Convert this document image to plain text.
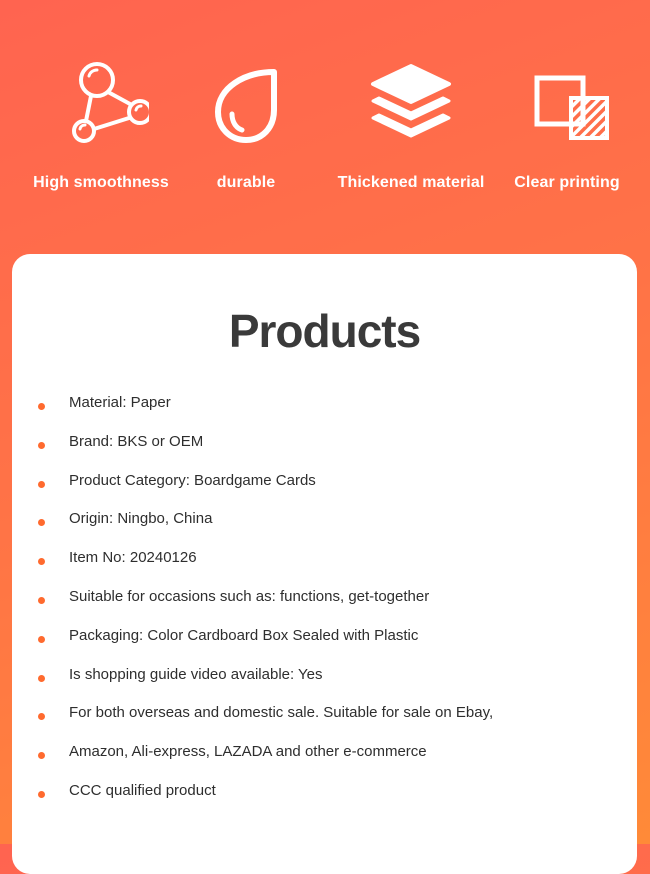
High smoothness	durable	Thickened material	Clear printing
Products
Material: Paper
Brand: BKS or OEM
Product Category: Boardgame Cards
Origin: Ningbo, China
Item No: 20240126
Suitable for occasions such as: functions, get-together
Packaging: Color Cardboard Box Sealed with Plastic
Is shopping guide video available: Yes
For both overseas and domestic sale. Suitable for sale on Ebay,
Amazon, Ali-express, LAZADA and other e-commerce
CCC qualified product
